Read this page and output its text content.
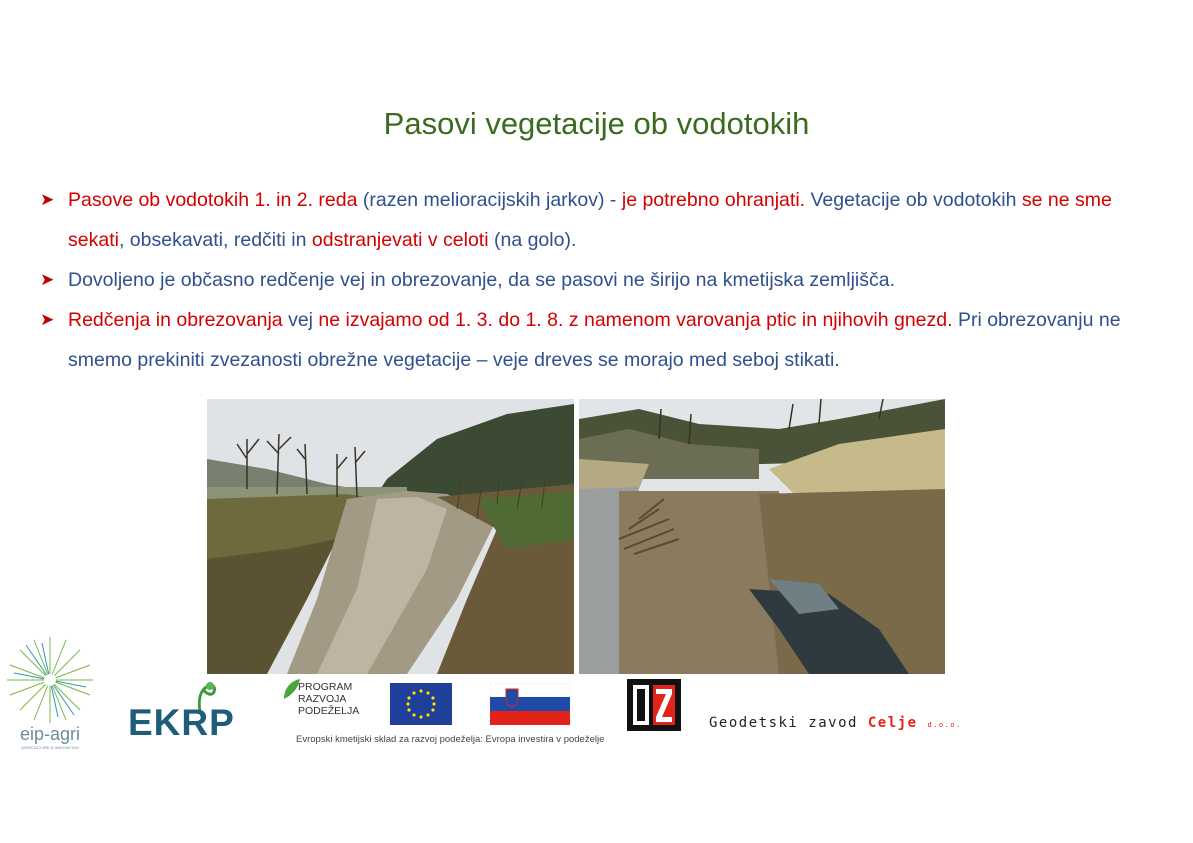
Pasovi vegetacije ob vodotokih
➤ Pasove ob vodotokih 1. in 2. reda (razen melioracijskih jarkov) - je potrebno ohranjati. Vegetacije ob vodotokih se ne sme sekati, obsekavati, redčiti in odstranjevati v celoti (na golo).
➤ Dovoljeno je občasno redčenje vej in obrezovanje, da se pasovi ne širijo na kmetijska zemljišča.
➤ Redčenja in obrezovanja vej ne izvajamo od 1. 3. do 1. 8. z namenom varovanja ptic in njihovih gnezd. Pri obrezovanju ne smemo prekiniti zvezanosti obrežne vegetacije – veje dreves se morajo med seboj stikati.
eip-agri
AGRICULTURE & INNOVATION
EKRP
PROGRAM
RAZVOJA
PODEŽELJA
Evropski kmetijski sklad za razvoj podeželja: Evropa investira v podeželje
Geodetski zavod Celje d.o.o.
